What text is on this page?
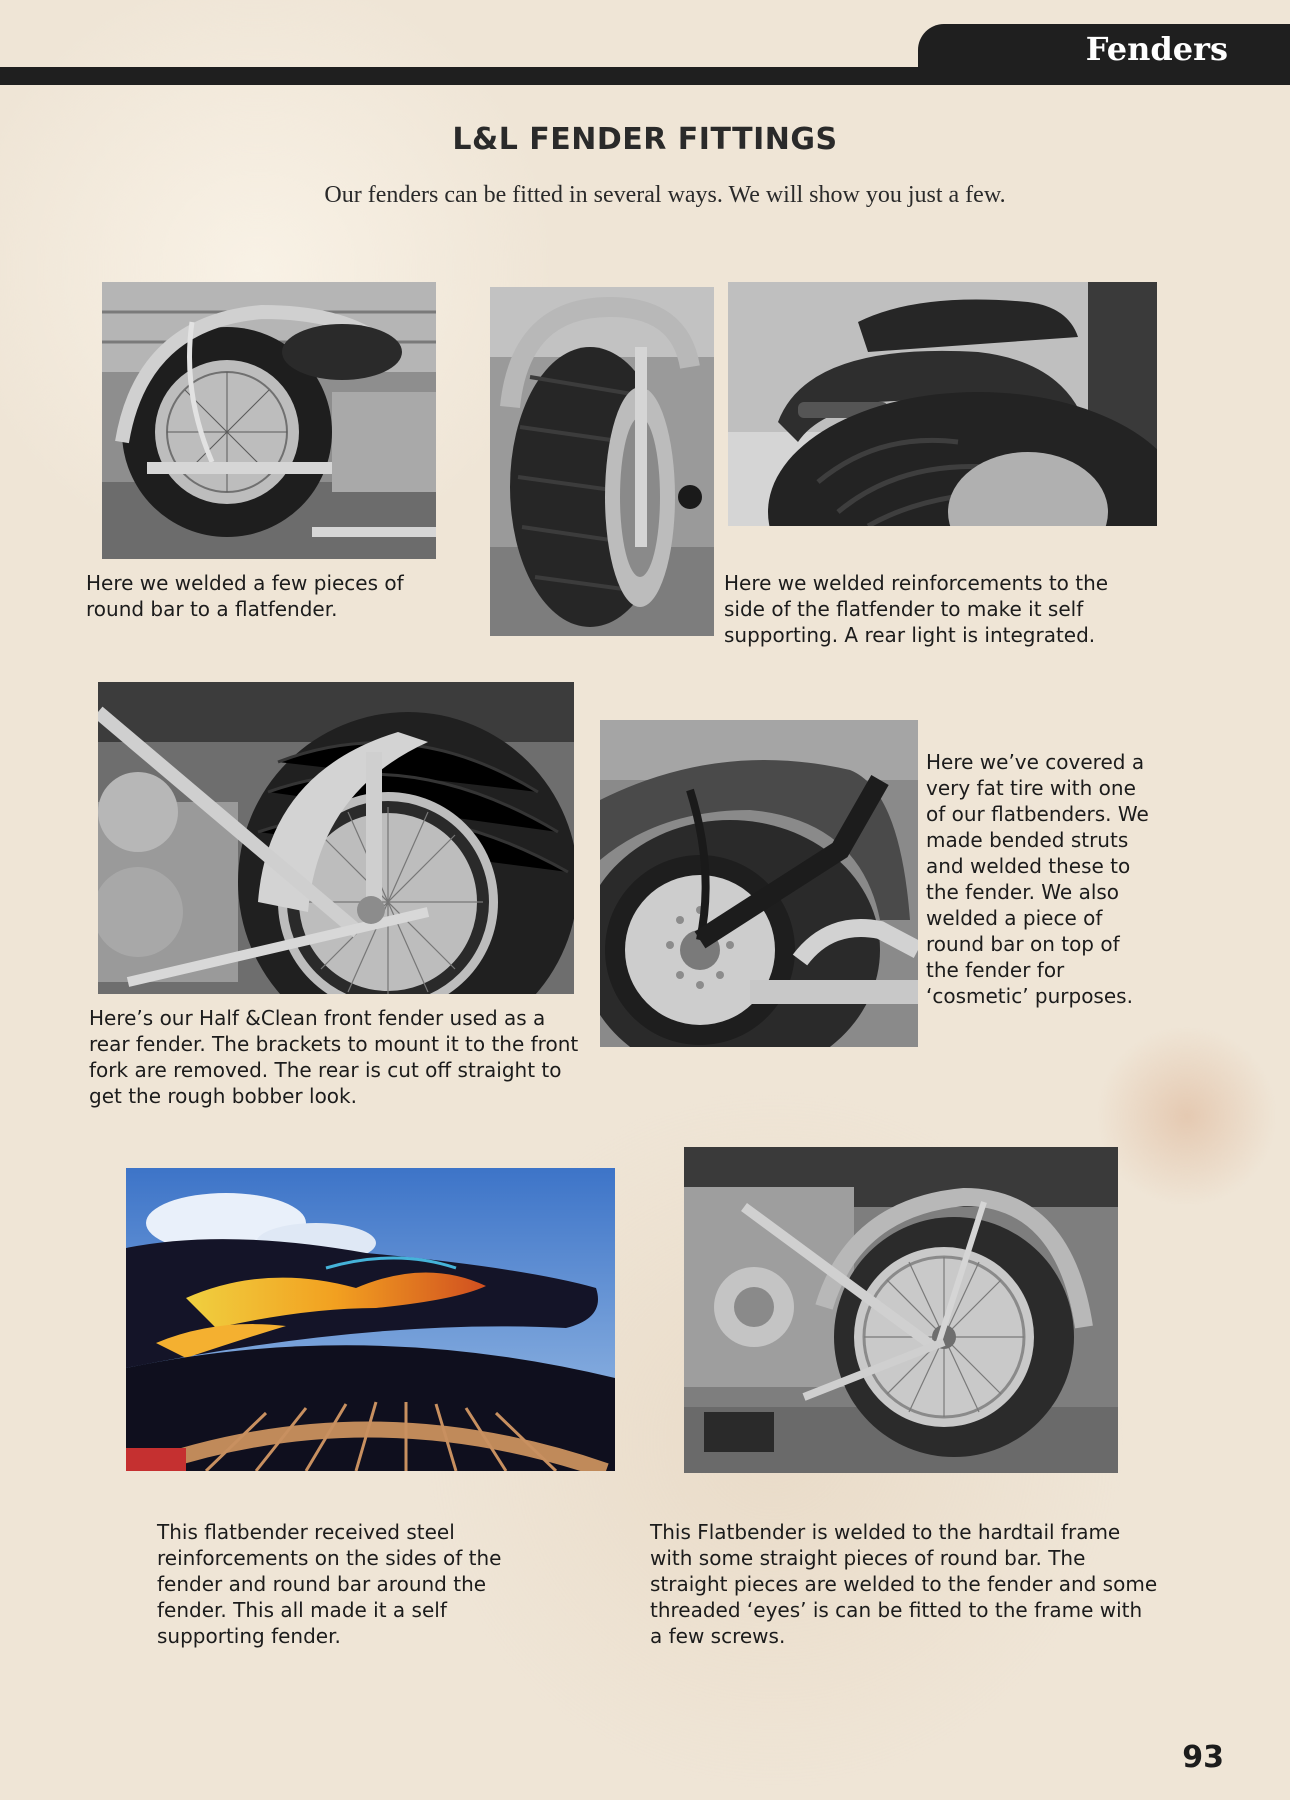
Fenders
L&L FENDER FITTINGS
Our fenders can be fitted in several ways. We will show you just a few.
Here we welded a few pieces of
round bar to a flatfender.
Here we welded reinforcements to the
side of the flatfender to make it self
supporting. A rear light is integrated.
Here’s our Half &Clean front fender used as a
rear fender. The brackets to mount it to the front
fork are removed. The rear is cut off straight to
get the rough bobber look.
Here we’ve covered a
very fat tire with one
of our flatbenders. We
made bended struts
and welded these to
the fender. We also
welded a piece of
round bar on top of
the fender for
‘cosmetic’ purposes.
This flatbender received steel
reinforcements on the sides of the
fender and round bar around the
fender. This all made it a self
supporting fender.
This Flatbender is welded to the hardtail frame
with some straight pieces of round bar. The
straight pieces are welded to the fender and some
threaded ‘eyes’ is can be fitted to the frame with
a few screws.
93
